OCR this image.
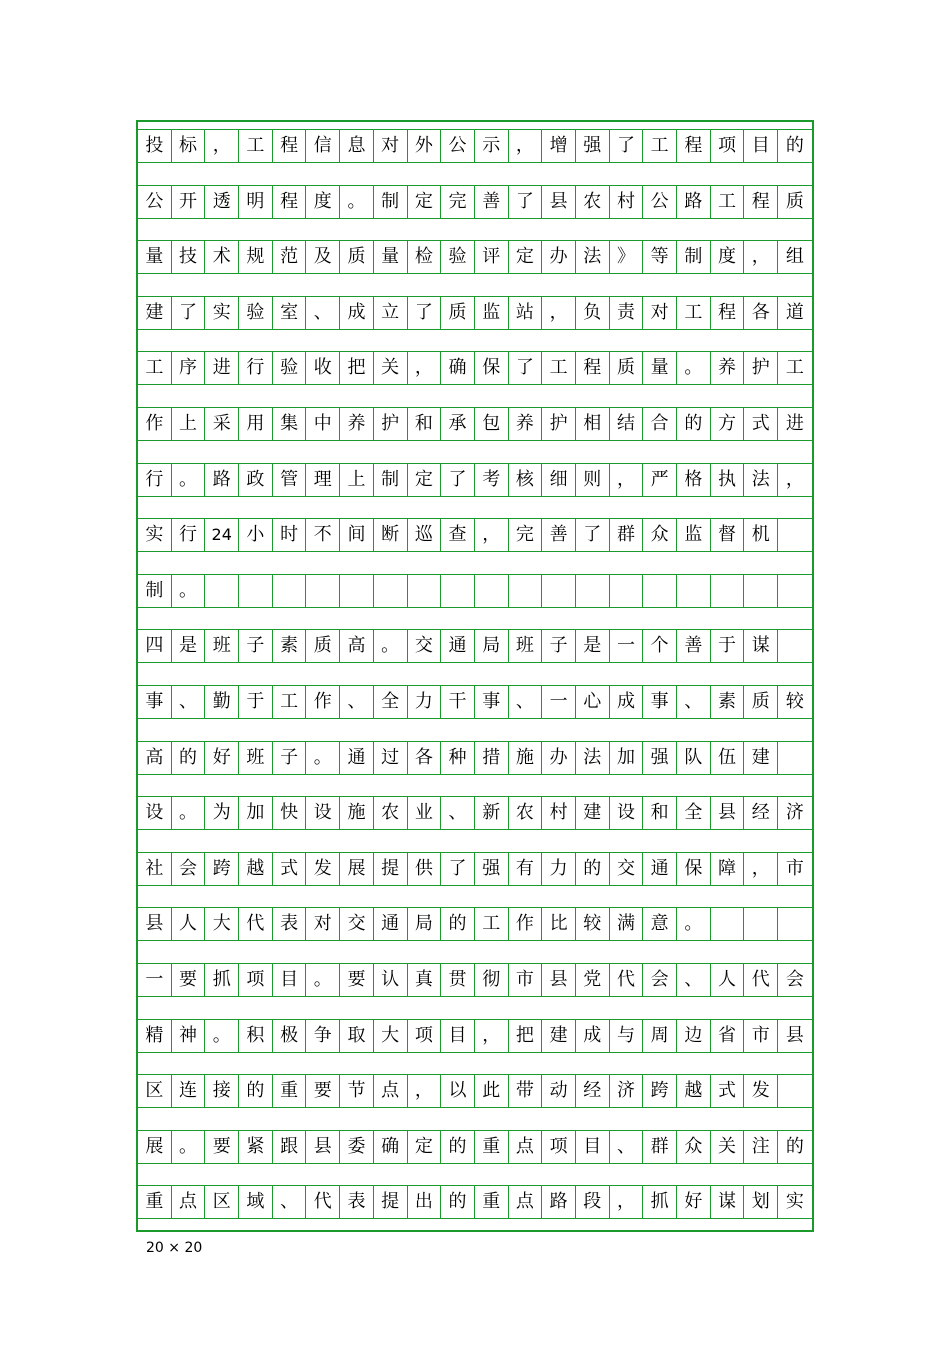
投 标 ， 工 程 信 息 对 外 公 示 ， 增 强 了 工 程 项 目 的
公 开 透 明 程 度 。 制 定 完 善 了 县 农 村 公 路 工 程 质
量 技 术 规 范 及 质 量 检 验 评 定 办 法 》 等 制 度 ， 组
建 了 实 验 室 、 成 立 了 质 监 站 ， 负 责 对 工 程 各 道
工 序 进 行 验 收 把 关 ， 确 保 了 工 程 质 量 。 养 护 工
作 上 采 用 集 中 养 护 和 承 包 养 护 相 结 合 的 方 式 进
行 。 路 政 管 理 上 制 定 了 考 核 细 则 ， 严 格 执 法 ，
实 行 24 小 时 不 间 断 巡 查 ， 完 善 了 群 众 监 督 机
制 。
四 是 班 子 素 质 高 。 交 通 局 班 子 是 一 个 善 于 谋
事 、 勤 于 工 作 、 全 力 干 事 、 一 心 成 事 、 素 质 较
高 的 好 班 子 。 通 过 各 种 措 施 办 法 加 强 队 伍 建
设 。 为 加 快 设 施 农 业 、 新 农 村 建 设 和 全 县 经 济
社 会 跨 越 式 发 展 提 供 了 强 有 力 的 交 通 保 障 ， 市
县 人 大 代 表 对 交 通 局 的 工 作 比 较 满 意 。
一 要 抓 项 目 。 要 认 真 贯 彻 市 县 党 代 会 、 人 代 会
精 神 。 积 极 争 取 大 项 目 ， 把 建 成 与 周 边 省 市 县
区 连 接 的 重 要 节 点 ， 以 此 带 动 经 济 跨 越 式 发
展 。 要 紧 跟 县 委 确 定 的 重 点 项 目 、 群 众 关 注 的
重 点 区 域 、 代 表 提 出 的 重 点 路 段 ， 抓 好 谋 划 实
20 × 20
